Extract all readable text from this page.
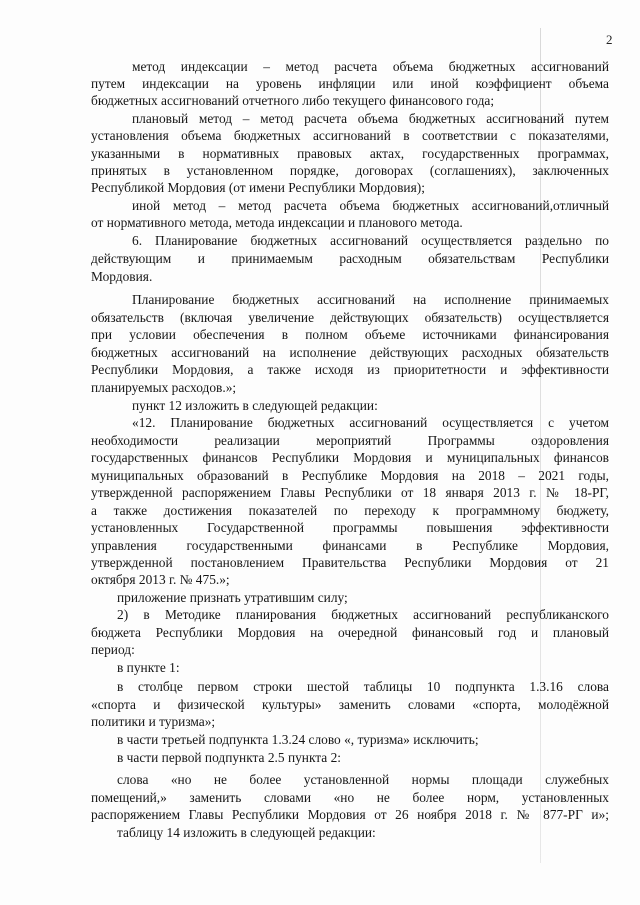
2
метод индексации – метод расчета объема бюджетных ассигнований
путем индексации на уровень инфляции или иной коэффициент объема
бюджетных ассигнований отчетного либо текущего финансового года;
плановый метод – метод расчета объема бюджетных ассигнований путем
установления объема бюджетных ассигнований в соответствии с показателями,
указанными в нормативных правовых актах, государственных программах,
принятых в установленном порядке, договорах (соглашениях), заключенных
Республикой Мордовия (от имени Республики Мордовия);
иной метод – метод расчета объема бюджетных ассигнований,отличный
от нормативного метода, метода индексации и планового метода.
6. Планирование бюджетных ассигнований осуществляется раздельно по
действующим и принимаемым расходным обязательствам Республики
Мордовия.
Планирование бюджетных ассигнований на исполнение принимаемых
обязательств (включая увеличение действующих обязательств) осуществляется
при условии обеспечения в полном объеме источниками финансирования
бюджетных ассигнований на исполнение действующих расходных обязательств
Республики Мордовия, а также исходя из приоритетности и эффективности
планируемых расходов.»;
пункт 12 изложить в следующей редакции:
«12. Планирование бюджетных ассигнований осуществляется с учетом
необходимости реализации мероприятий Программы оздоровления
государственных финансов Республики Мордовия и муниципальных финансов
муниципальных образований в Республике Мордовия на 2018 – 2021 годы,
утвержденной распоряжением Главы Республики от 18 января 2013 г. № 18-РГ,
а также достижения показателей по переходу к программному бюджету,
установленных Государственной программы повышения эффективности
управления государственными финансами в Республике Мордовия,
утвержденной постановлением Правительства Республики Мордовия от 21
октября 2013 г. № 475.»;
приложение признать утратившим силу;
2) в Методике планирования бюджетных ассигнований республиканского
бюджета Республики Мордовия на очередной финансовый год и плановый
период:
в пункте 1:
в столбце первом строки шестой таблицы 10 подпункта 1.3.16 слова
«спорта и физической культуры» заменить словами «спорта, молодёжной
политики и туризма»;
в части третьей подпункта 1.3.24 слово «, туризма» исключить;
в части первой подпункта 2.5 пункта 2:
слова «но не более установленной нормы площади служебных
помещений,» заменить словами «но не более норм, установленных
распоряжением Главы Республики Мордовия от 26 ноября 2018 г. № 877-РГ и»;
таблицу 14 изложить в следующей редакции:
